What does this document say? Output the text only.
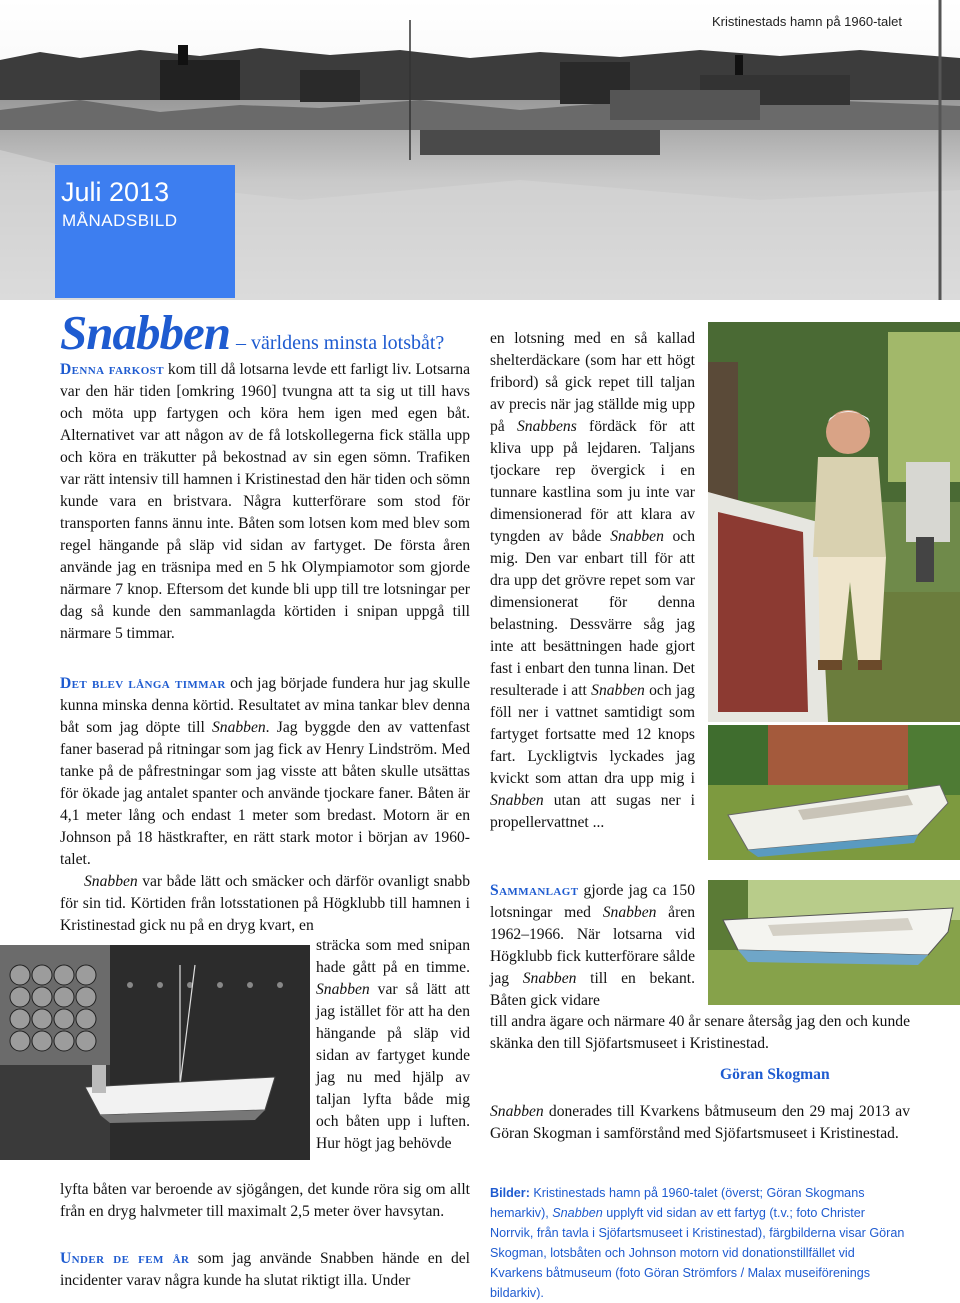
Kristinestads hamn på 1960-talet
Juli 2013
MÅNADSBILD
Snabben – världens minsta lotsbåt?

Denna farkost kom till då lotsarna levde ett farligt liv. Lotsarna var den här tiden [omkring 1960] tvungna att ta sig ut till havs och möta upp fartygen och köra hem igen med egen båt. Alternativet var att någon av de få lotskollegerna fick ställa upp och köra en träkutter på bekostnad av sin egen sömn. Trafiken var rätt intensiv till hamnen i Kristinestad den här tiden och sömn kunde vara en bristvara. Några kutterförare som stod för transporten fanns ännu inte. Båten som lotsen kom med blev som regel hängande på släp vid sidan av fartyget. De första åren använde jag en träsnipa med en 5 hk Olympiamotor som gjorde närmare 7 knop. Eftersom det kunde bli upp till tre lotsningar per dag så kunde den sammanlagda körtiden i snipan uppgå till närmare 5 timmar.

Det blev långa timmar och jag började fundera hur jag skulle kunna minska denna körtid. Resultatet av mina tankar blev denna båt som jag döpte till Snabben. Jag byggde den av vattenfast faner baserad på ritningar som jag fick av Henry Lindström. Med tanke på de påfrestningar som jag visste att båten skulle utsättas för ökade jag antalet spanter och använde tjockare faner. Båten är 4,1 meter lång och endast 1 meter som bredast. Motorn är en Johnson på 18 hästkrafter, en rätt stark motor i början av 1960-talet.

Snabben var både lätt och smäcker och därför ovanligt snabb för sin tid. Körtiden från lotsstationen på Högklubb till hamnen i Kristinestad gick nu på en dryg kvart, en

sträcka som med snipan hade gått på en timme. Snabben var så lätt att jag istället för att ha den hängande på släp vid sidan av fartyget kunde jag nu med hjälp av taljan lyfta både mig och båten upp i luften. Hur högt jag behövde
lyfta båten var beroende av sjögången, det kunde röra sig om allt från en dryg halvmeter till maximalt 2,5 meter över havsytan.

Under de fem år som jag använde Snabben hände en del incidenter varav några kunde ha slutat riktigt illa. Under

en lotsning med en så kallad shelterdäckare (som har ett högt fribord) så gick repet till taljan av precis när jag ställde mig upp på Snabbens fördäck för att kliva upp på lejdaren. Taljans tjockare rep övergick i en tunnare kastlina som ju inte var dimensionerad för att klara av tyngden av både Snabben och mig. Den var enbart till för att dra upp det grövre repet som var dimensionerat för denna belastning. Dessvärre såg jag inte att besättningen hade gjort fast i enbart den tunna linan. Det resulterade i att Snabben och jag föll ner i vattnet samtidigt som fartyget fortsatte med 12 knops fart. Lyckligtvis lyckades jag kvickt som attan dra upp mig i Snabben utan att sugas ner i propellervattnet ...

Sammanlagt gjorde jag ca 150 lotsningar med Snabben åren 1962–1966. När lotsarna vid Högklubb fick kutterförare sålde jag Snabben till en bekant. Båten gick vidare

till andra ägare och närmare 40 år senare återsåg jag den och kunde skänka den till Sjöfartsmuseet i Kristinestad.
Göran Skogman
Snabben donerades till Kvarkens båtmuseum den 29 maj 2013 av Göran Skogman i samförstånd med Sjöfartsmuseet i Kristinestad.
Bilder: Kristinestads hamn på 1960-talet (överst; Göran Skogmans hemarkiv), Snabben upplyft vid sidan av ett fartyg (t.v.; foto Christer Norrvik, från tavla i Sjöfartsmuseet i Kristinestad), färgbilderna visar Göran Skogman, lotsbåten och Johnson motorn vid donationstillfället vid Kvarkens båtmuseum (foto Göran Strömfors / Malax museiförenings bildarkiv).
